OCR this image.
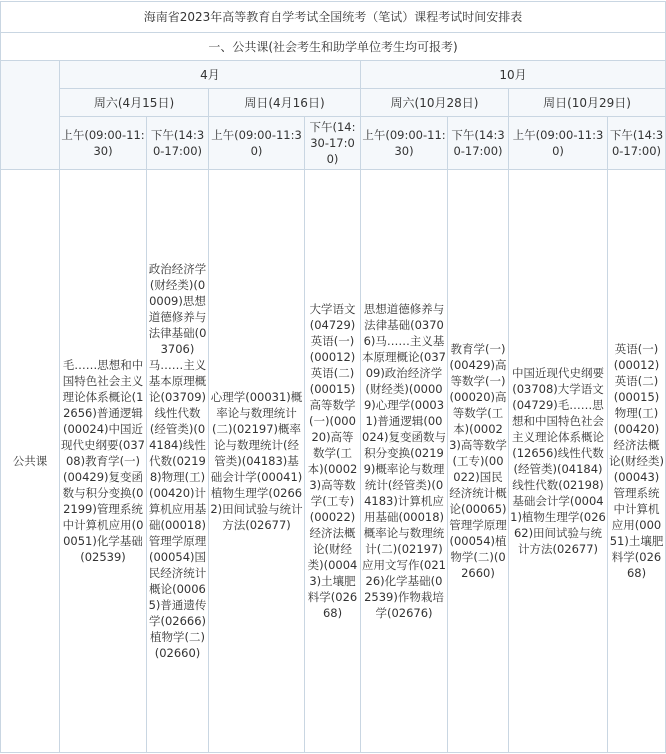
海南省2023年高等教育自学考试全国统考（笔试）课程考试时间安排表								
一、公共课(社会考生和助学单位考生均可报考)								
	4月				10月			
	周六(4月15日)		周日(4月16日)		周六(10月28日)		周日(10月29日)	
	上午(09:00-11:30)	下午(14:30-17:00)	上午(09:00-11:30)	下午(14:30-17:00)	上午(09:00-11:30)	下午(14:30-17:00)	上午(09:00-11:30)	下午(14:30-17:00)
公共课	毛……思想和中国特色社会主义理论体系概论(12656)普通逻辑(00024)中国近现代史纲要(03708)教育学(一)(00429)复变函数与积分变换(02199)管理系统中计算机应用(00051)化学基础(02539)	政治经济学(财经类)(00009)思想道德修养与法律基础(03706)马……主义基本原理概论(03709)线性代数(经管类)(04184)线性代数(02198)物理(工)(00420)计算机应用基础(00018)管理学原理(00054)国民经济统计概论(00065)普通遗传学(02666)植物学(二)(02660)	心理学(00031)概率论与数理统计(二)(02197)概率论与数理统计(经管类)(04183)基础会计学(00041)植物生理学(02662)田间试验与统计方法(02677)	大学语文(04729)英语(一)(00012)英语(二)(00015)高等数学(一)(00020)高等数学(工本)(00023)高等数学(工专)(00022)经济法概论(财经类)(00043)土壤肥料学(02668)	思想道德修养与法律基础(03706)马……主义基本原理概论(03709)政治经济学(财经类)(00009)心理学(00031)普通逻辑(00024)复变函数与积分变换(02199)概率论与数理统计(经管类)(04183)计算机应用基础(00018)概率论与数理统计(二)(02197)应用文写作(02126)化学基础(02539)作物栽培学(02676)	教育学(一)(00429)高等数学(一)(00020)高等数学(工本)(00023)高等数学(工专)(00022)国民经济统计概论(00065)管理学原理(00054)植物学(二)(02660)	中国近现代史纲要(03708)大学语文 (04729)毛……思想和中国特色社会主义理论体系概论(12656)线性代数(经管类)(04184)线性代数(02198)基础会计学(00041)植物生理学(02662)田间试验与统计方法(02677)	英语(一)(00012)英语(二)(00015)物理(工)(00420)经济法概论(财经类)(00043)管理系统中计算机应用(00051)土壤肥料学(02668)
